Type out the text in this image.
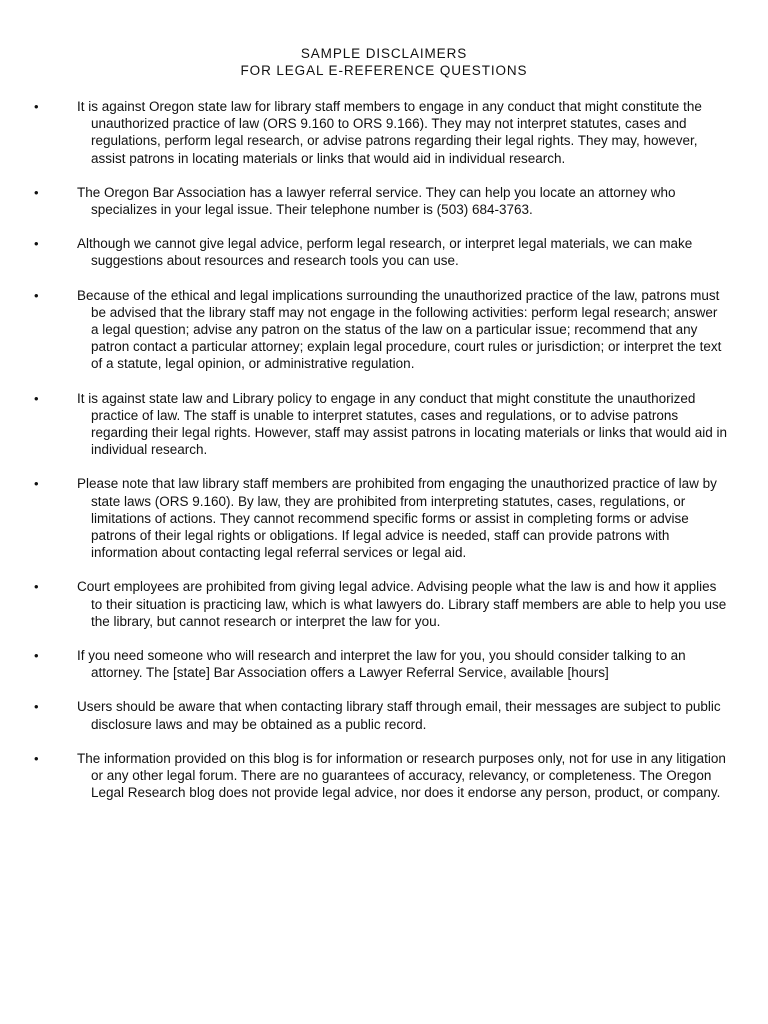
SAMPLE DISCLAIMERS
FOR LEGAL E-REFERENCE QUESTIONS
•	It is against Oregon state law for library staff members to engage in any conduct that might constitute the unauthorized practice of law (ORS 9.160 to ORS 9.166). They may not interpret statutes, cases and regulations, perform legal research, or advise patrons regarding their legal rights. They may, however, assist patrons in locating materials or links that would aid in individual research.
•	The Oregon Bar Association has a lawyer referral service. They can help you locate an attorney who specializes in your legal issue. Their telephone number is (503) 684-3763.
•	Although we cannot give legal advice, perform legal research, or interpret legal materials, we can make suggestions about resources and research tools you can use.
•	Because of the ethical and legal implications surrounding the unauthorized practice of the law, patrons must be advised that the library staff may not engage in the following activities: perform legal research; answer a legal question; advise any patron on the status of the law on a particular issue; recommend that any patron contact a particular attorney; explain legal procedure, court rules or jurisdiction; or interpret the text of a statute, legal opinion, or administrative regulation.
•	It is against state law and Library policy to engage in any conduct that might constitute the unauthorized practice of law. The staff is unable to interpret statutes, cases and regulations, or to advise patrons regarding their legal rights. However, staff may assist patrons in locating materials or links that would aid in individual research.
•	Please note that law library staff members are prohibited from engaging the unauthorized practice of law by state laws (ORS 9.160). By law, they are prohibited from interpreting statutes, cases, regulations, or limitations of actions. They cannot recommend specific forms or assist in completing forms or advise patrons of their legal rights or obligations. If legal advice is needed, staff can provide patrons with information about contacting legal referral services or legal aid.
•	Court employees are prohibited from giving legal advice. Advising people what the law is and how it applies to their situation is practicing law, which is what lawyers do. Library staff members are able to help you use the library, but cannot research or interpret the law for you.
•	If you need someone who will research and interpret the law for you, you should consider talking to an attorney. The [state] Bar Association offers a Lawyer Referral Service, available [hours]
•	Users should be aware that when contacting library staff through email, their messages are subject to public disclosure laws and may be obtained as a public record.
•	The information provided on this blog is for information or research purposes only, not for use in any litigation or any other legal forum. There are no guarantees of accuracy, relevancy, or completeness. The Oregon Legal Research blog does not provide legal advice, nor does it endorse any person, product, or company.
